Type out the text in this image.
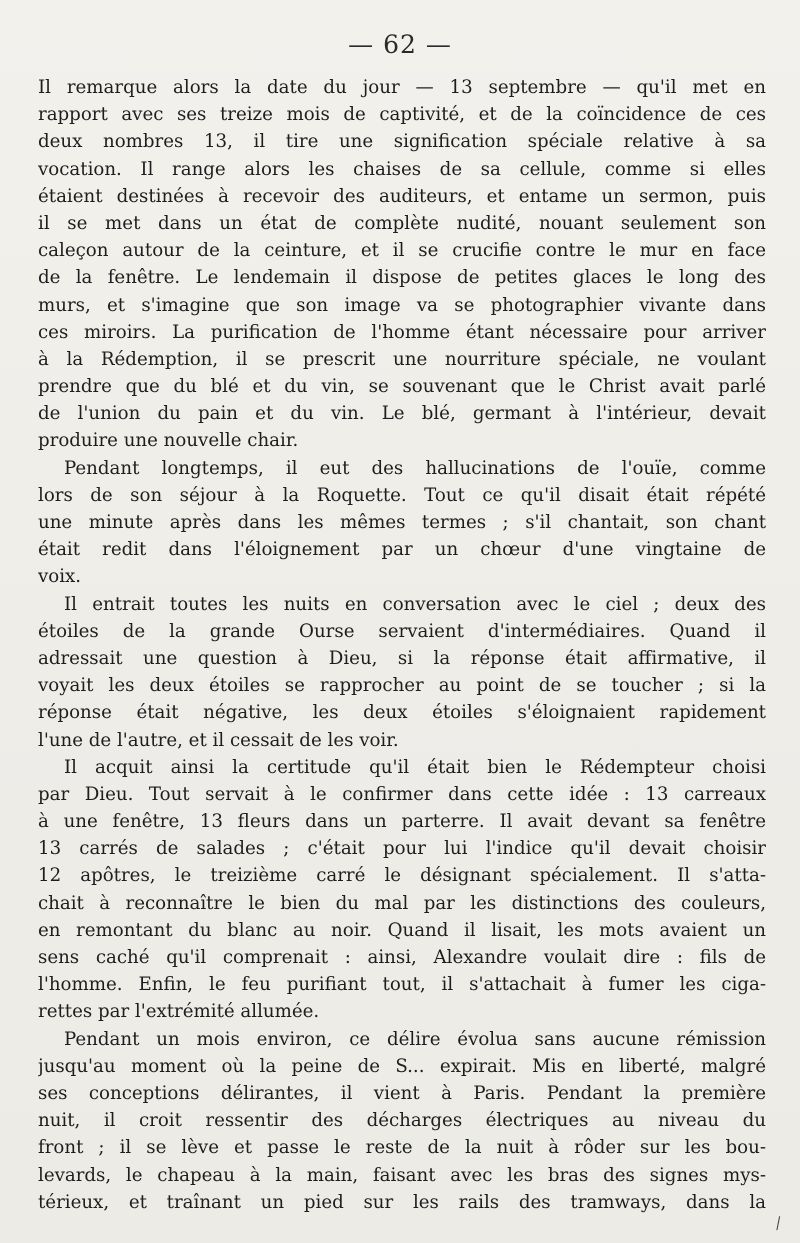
— 62 —
Il remarque alors la date du jour — 13 septembre — qu'il met en
rapport avec ses treize mois de captivité, et de la coïncidence de ces
deux nombres 13, il tire une signification spéciale relative à sa
vocation. Il range alors les chaises de sa cellule, comme si elles
étaient destinées à recevoir des auditeurs, et entame un sermon, puis
il se met dans un état de complète nudité, nouant seulement son
caleçon autour de la ceinture, et il se crucifie contre le mur en face
de la fenêtre. Le lendemain il dispose de petites glaces le long des
murs, et s'imagine que son image va se photographier vivante dans
ces miroirs. La purification de l'homme étant nécessaire pour arriver
à la Rédemption, il se prescrit une nourriture spéciale, ne voulant
prendre que du blé et du vin, se souvenant que le Christ avait parlé
de l'union du pain et du vin. Le blé, germant à l'intérieur, devait
produire une nouvelle chair.
Pendant longtemps, il eut des hallucinations de l'ouïe, comme
lors de son séjour à la Roquette. Tout ce qu'il disait était répété
une minute après dans les mêmes termes ; s'il chantait, son chant
était redit dans l'éloignement par un chœur d'une vingtaine de
voix.
Il entrait toutes les nuits en conversation avec le ciel ; deux des
étoiles de la grande Ourse servaient d'intermédiaires. Quand il
adressait une question à Dieu, si la réponse était affirmative, il
voyait les deux étoiles se rapprocher au point de se toucher ; si la
réponse était négative, les deux étoiles s'éloignaient rapidement
l'une de l'autre, et il cessait de les voir.
Il acquit ainsi la certitude qu'il était bien le Rédempteur choisi
par Dieu. Tout servait à le confirmer dans cette idée : 13 carreaux
à une fenêtre, 13 fleurs dans un parterre. Il avait devant sa fenêtre
13 carrés de salades ; c'était pour lui l'indice qu'il devait choisir
12 apôtres, le treizième carré le désignant spécialement. Il s'atta-
chait à reconnaître le bien du mal par les distinctions des couleurs,
en remontant du blanc au noir. Quand il lisait, les mots avaient un
sens caché qu'il comprenait : ainsi, Alexandre voulait dire : fils de
l'homme. Enfin, le feu purifiant tout, il s'attachait à fumer les ciga-
rettes par l'extrémité allumée.
Pendant un mois environ, ce délire évolua sans aucune rémission
jusqu'au moment où la peine de S... expirait. Mis en liberté, malgré
ses conceptions délirantes, il vient à Paris. Pendant la première
nuit, il croit ressentir des décharges électriques au niveau du
front ; il se lève et passe le reste de la nuit à rôder sur les bou-
levards, le chapeau à la main, faisant avec les bras des signes mys-
térieux, et traînant un pied sur les rails des tramways, dans la
⁄
